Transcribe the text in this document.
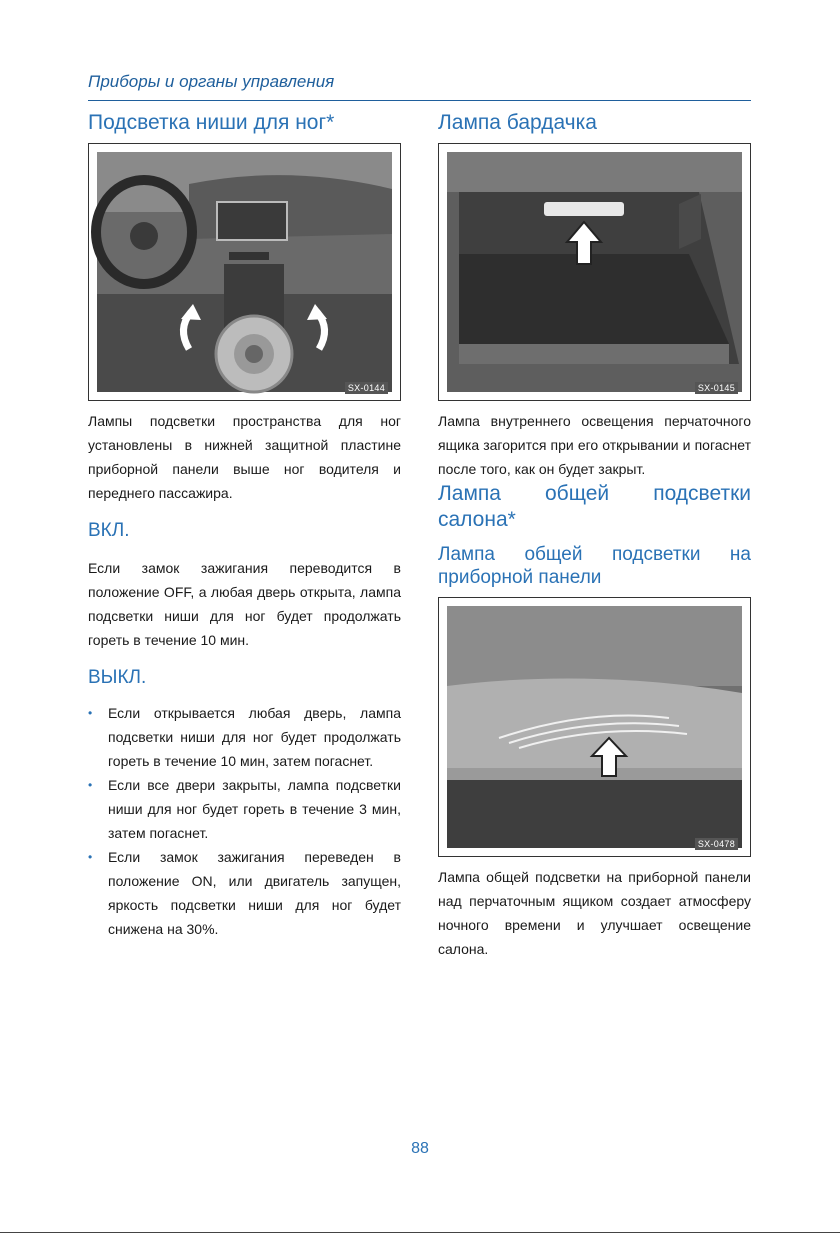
Приборы и органы управления
Подсветка ниши для ног*
SX-0144

Лампы подсветки пространства для ног установлены в нижней защитной пластине приборной панели выше ног водителя и переднего пассажира.

ВКЛ.

Если замок зажигания переводится в положение OFF, а любая дверь открыта, лампа подсветки ниши для ног будет продолжать гореть в течение 10 мин.

ВЫКЛ.
• Если открывается любая дверь, лампа подсветки ниши для ног будет продолжать гореть в течение 10 мин, затем погаснет.
• Если все двери закрыты, лампа подсветки ниши для ног будет гореть в течение 3 мин, затем погаснет.
• Если замок зажигания переведен в положение ON, или двигатель запущен, яркость подсветки ниши для ног будет снижена на 30%.
Лампа бардачка
SX-0145

Лампа внутреннего освещения перчаточного ящика загорится при его открывании и погаснет после того, как он будет закрыт.

Лампа общей подсветки
салона*
Лампа общей подсветки на
приборной панели
SX-0478

Лампа общей подсветки на приборной панели над перчаточным ящиком создает атмосферу ночного времени и улучшает освещение салона.

88
